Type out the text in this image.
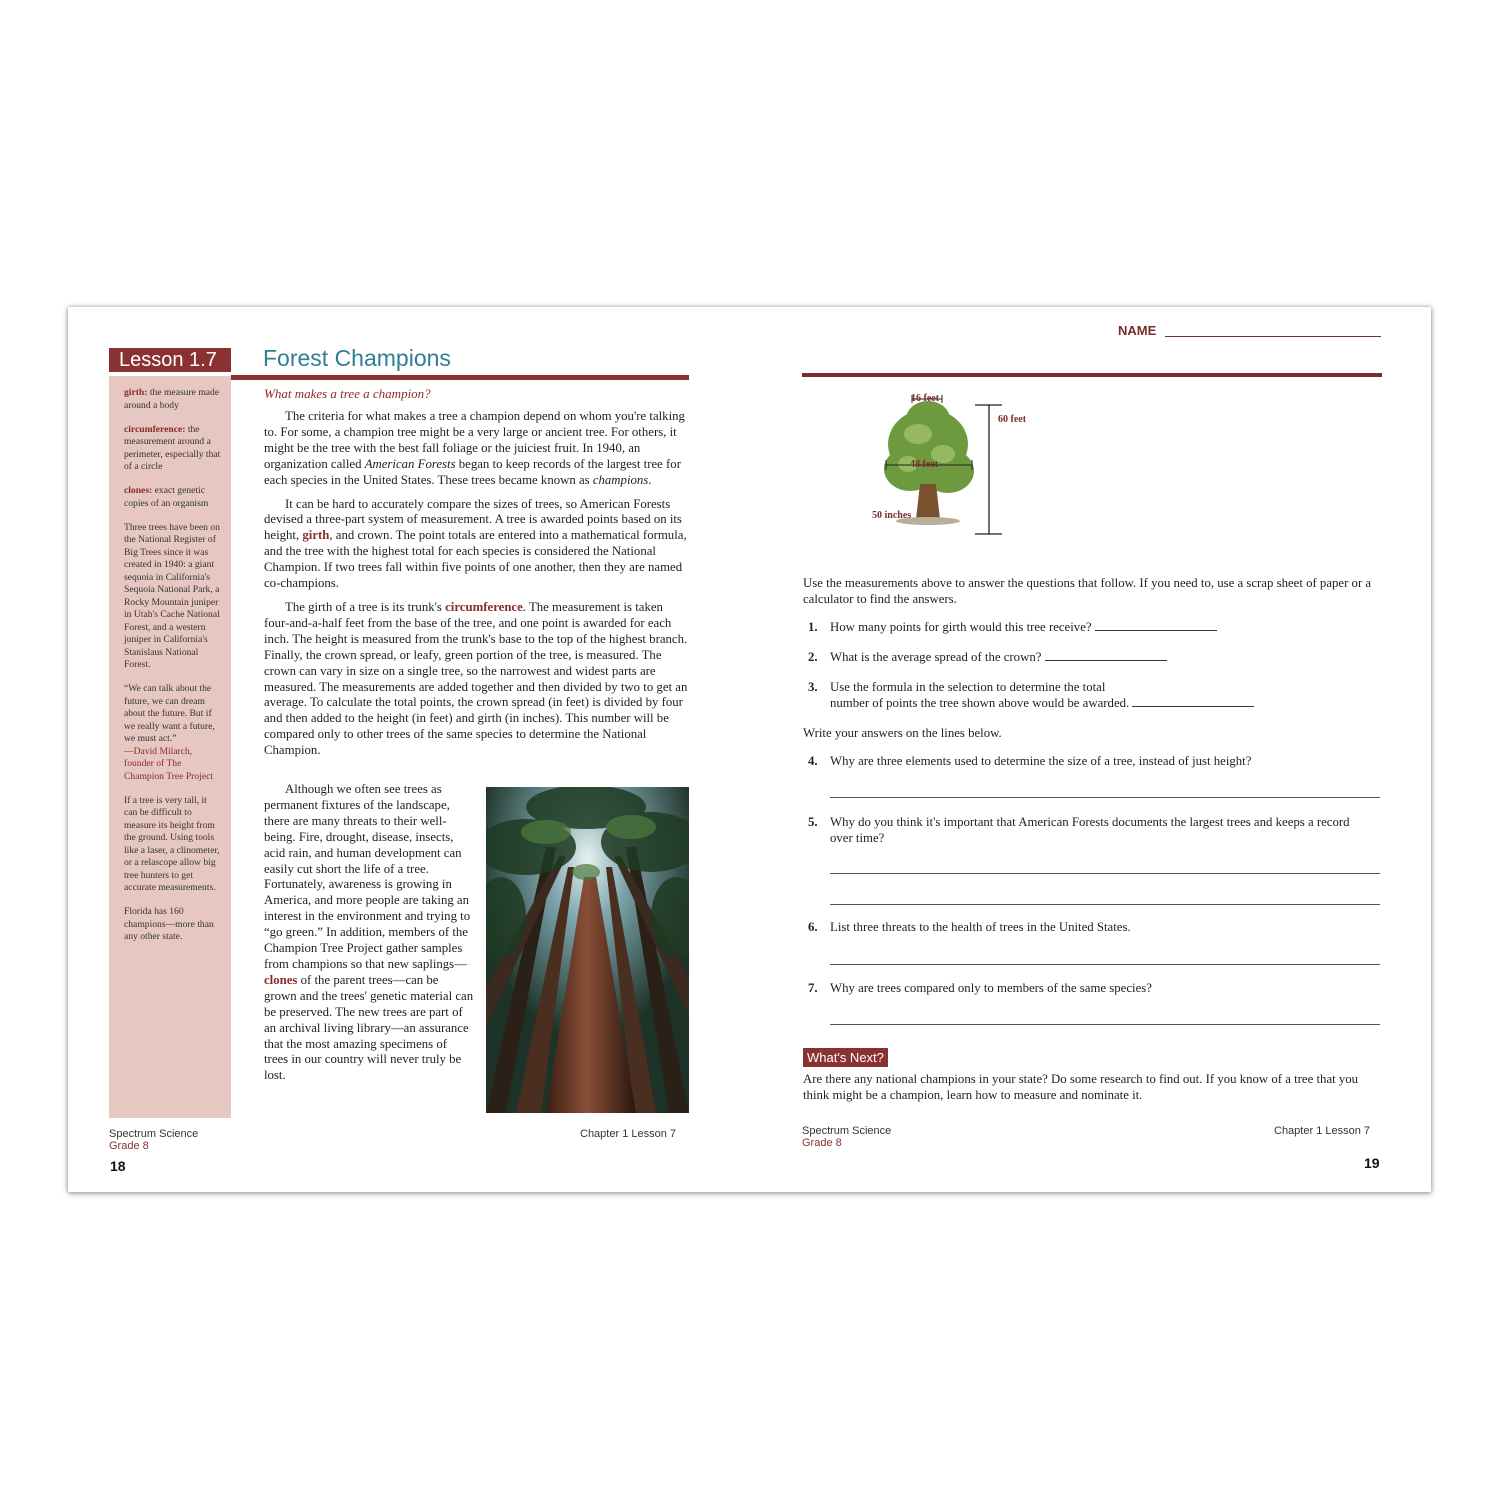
Lesson 1.7	Forest Champions

girth: the measure made around a body

circumference: the measurement around a perimeter, especially that of a circle

clones: exact genetic copies of an organism

Three trees have been on the National Register of Big Trees since it was created in 1940: a giant sequoia in California's Sequoia National Park, a Rocky Mountain juniper in Utah's Cache National Forest, and a western juniper in California's Stanislaus National Forest.

“We can talk about the future, we can dream about the future. But if we really want a future, we must act.”
—David Milarch, founder of The Champion Tree Project

If a tree is very tall, it can be difficult to measure its height from the ground. Using tools like a laser, a clinometer, or a relascope allow big tree hunters to get accurate measurements.

Florida has 160 champions—more than any other state.

What makes a tree a champion?

The criteria for what makes a tree a champion depend on whom you're talking to. For some, a champion tree might be a very large or ancient tree. For others, it might be the tree with the best fall foliage or the juiciest fruit. In 1940, an organization called American Forests began to keep records of the largest tree for each species in the United States. These trees became known as champions.

It can be hard to accurately compare the sizes of trees, so American Forests devised a three-part system of measurement. A tree is awarded points based on its height, girth, and crown. The point totals are entered into a mathematical formula, and the tree with the highest total for each species is considered the National Champion. If two trees fall within five points of one another, then they are named co-champions.

The girth of a tree is its trunk's circumference. The measurement is taken four-and-a-half feet from the base of the tree, and one point is awarded for each inch. The height is measured from the trunk's base to the top of the highest branch. Finally, the crown spread, or leafy, green portion of the tree, is measured. The crown can vary in size on a single tree, so the narrowest and widest parts are measured. The measurements are added together and then divided by two to get an average. To calculate the total points, the crown spread (in feet) is divided by four and then added to the height (in feet) and girth (in inches). This number will be compared only to other trees of the same species to determine the National Champion.

Although we often see trees as permanent fixtures of the landscape, there are many threats to their well-being. Fire, drought, disease, insects, acid rain, and human development can easily cut short the life of a tree. Fortunately, awareness is growing in America, and more people are taking an interest in the environment and trying to “go green.” In addition, members of the Champion Tree Project gather samples from champions so that new saplings—clones of the parent trees—can be grown and the trees' genetic material can be preserved. The new trees are part of an archival living library—an assurance that the most amazing specimens of trees in our country will never truly be lost.

Spectrum Science
Grade 8
Chapter 1 Lesson 7
18
NAME
16 feet
60 feet
48 feet
50 inches
Use the measurements above to answer the questions that follow. If you need to, use a scrap sheet of paper or a calculator to find the answers.
1. How many points for girth would this tree receive?
2. What is the average spread of the crown?
3. Use the formula in the selection to determine the total
number of points the tree shown above would be awarded.
Write your answers on the lines below.
4. Why are three elements used to determine the size of a tree, instead of just height?
5. Why do you think it's important that American Forests documents the largest trees and keeps a record over time?
6. List three threats to the health of trees in the United States.
7. Why are trees compared only to members of the same species?
What's Next?
Are there any national champions in your state? Do some research to find out. If you know of a tree that you think might be a champion, learn how to measure and nominate it.
Spectrum Science
Grade 8
Chapter 1 Lesson 7
19
